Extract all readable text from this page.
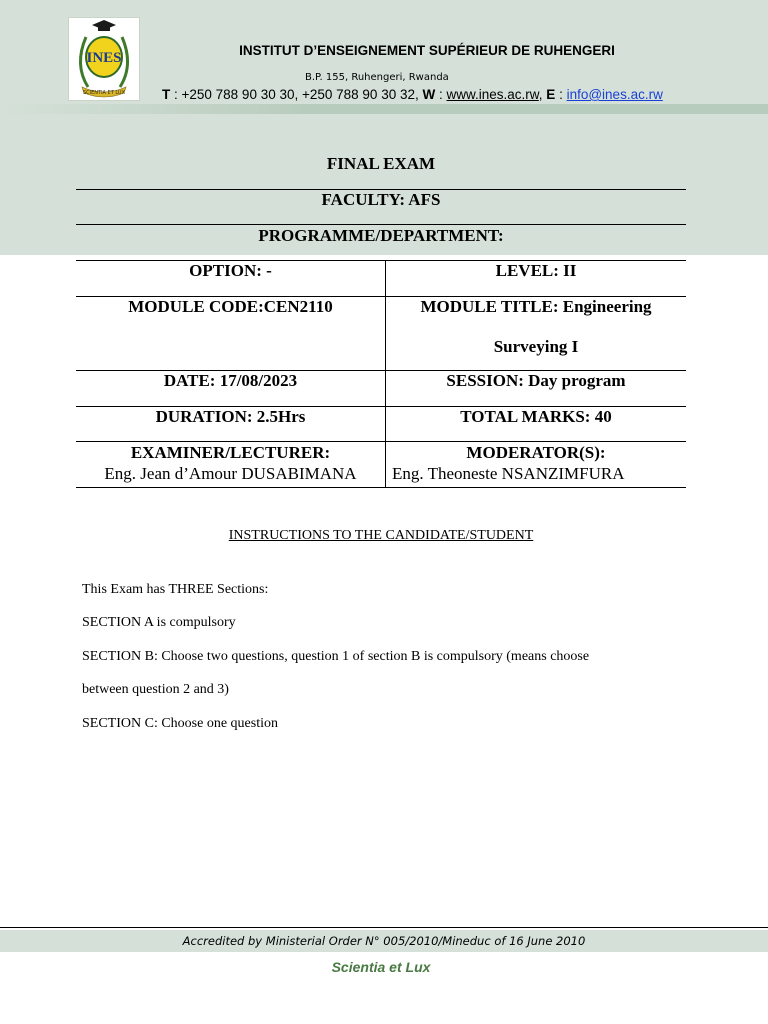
INES
SCIENTIA ET LUX
INSTITUT D’ENSEIGNEMENT SUPÉRIEUR DE RUHENGERI
B.P. 155, Ruhengeri, Rwanda
T : +250 788 90 30 30, +250 788 90 30 32, W : www.ines.ac.rw, E : info@ines.ac.rw
FINAL EXAM
FACULTY: AFS
PROGRAMME/DEPARTMENT:
OPTION: -	LEVEL: II
MODULE CODE:CEN2110	MODULE TITLE: Engineering
Surveying I
DATE: 17/08/2023	SESSION: Day program
DURATION: 2.5Hrs	TOTAL MARKS: 40
EXAMINER/LECTURER:
Eng. Jean d’Amour DUSABIMANA
MODERATOR(S):
Eng. Theoneste NSANZIMFURA
INSTRUCTIONS TO THE CANDIDATE/STUDENT
This Exam has THREE Sections:
SECTION A is compulsory
SECTION B: Choose two questions, question 1 of section B is compulsory (means choose
between question 2 and 3)
SECTION C: Choose one question
Accredited by Ministerial Order N° 005/2010/Mineduc of 16 June 2010
Scientia et Lux
